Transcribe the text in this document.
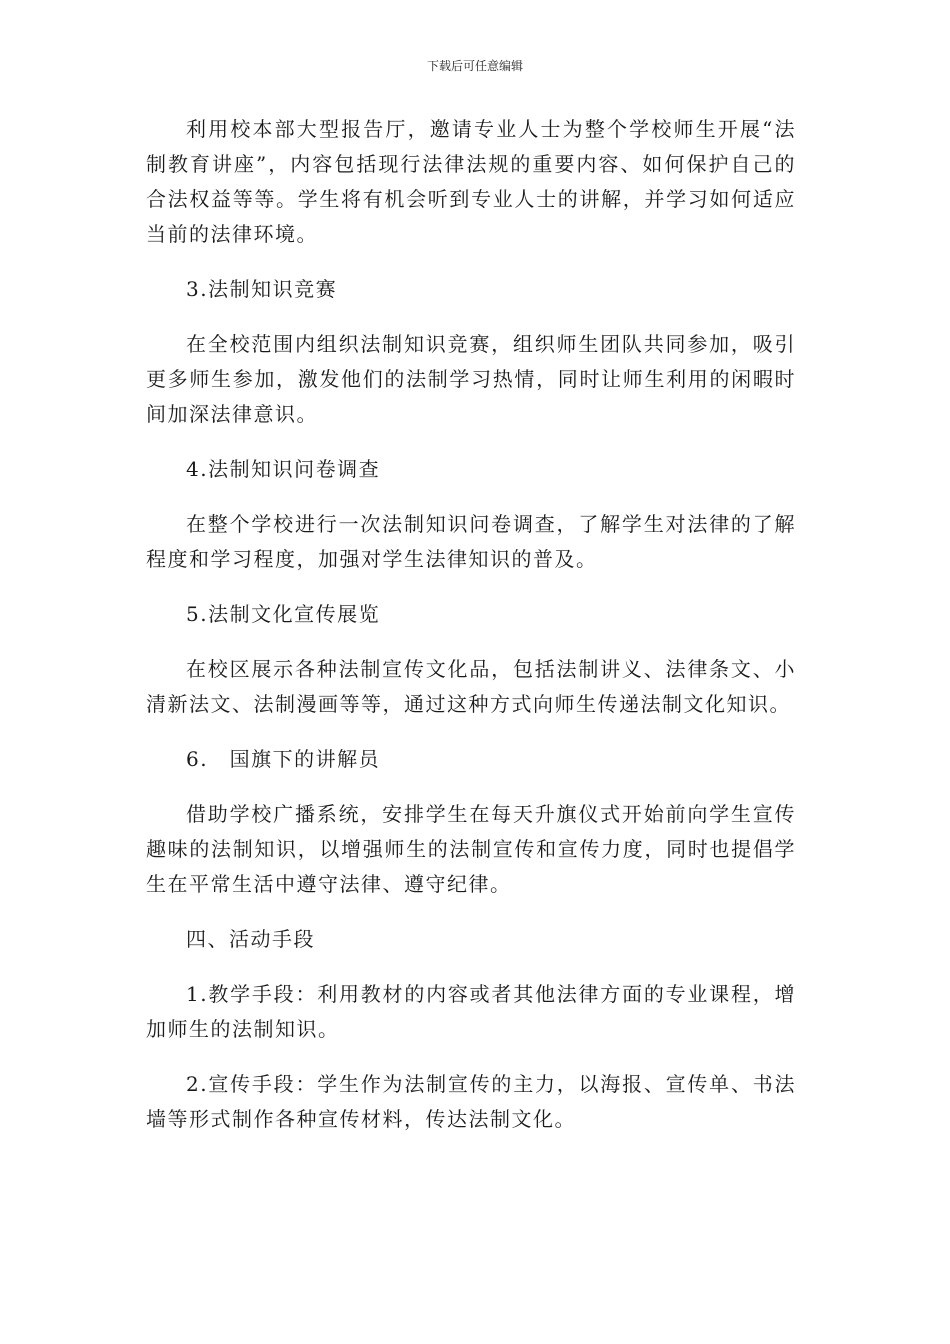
下载后可任意编辑

利用校本部大型报告厅，邀请专业人士为整个学校师生开展“法制教育讲座”，内容包括现行法律法规的重要内容、如何保护自己的合法权益等等。学生将有机会听到专业人士的讲解，并学习如何适应当前的法律环境。

3.法制知识竞赛

在全校范围内组织法制知识竞赛，组织师生团队共同参加，吸引更多师生参加，激发他们的法制学习热情，同时让师生利用的闲暇时间加深法律意识。

4.法制知识问卷调查

在整个学校进行一次法制知识问卷调查，了解学生对法律的了解程度和学习程度，加强对学生法律知识的普及。

5.法制文化宣传展览

在校区展示各种法制宣传文化品，包括法制讲义、法律条文、小清新法文、法制漫画等等，通过这种方式向师生传递法制文化知识。

6.　国旗下的讲解员

借助学校广播系统，安排学生在每天升旗仪式开始前向学生宣传趣味的法制知识，以增强师生的法制宣传和宣传力度，同时也提倡学生在平常生活中遵守法律、遵守纪律。

四、活动手段

1.教学手段：利用教材的内容或者其他法律方面的专业课程，增加师生的法制知识。

2.宣传手段：学生作为法制宣传的主力，以海报、宣传单、书法墙等形式制作各种宣传材料，传达法制文化。
